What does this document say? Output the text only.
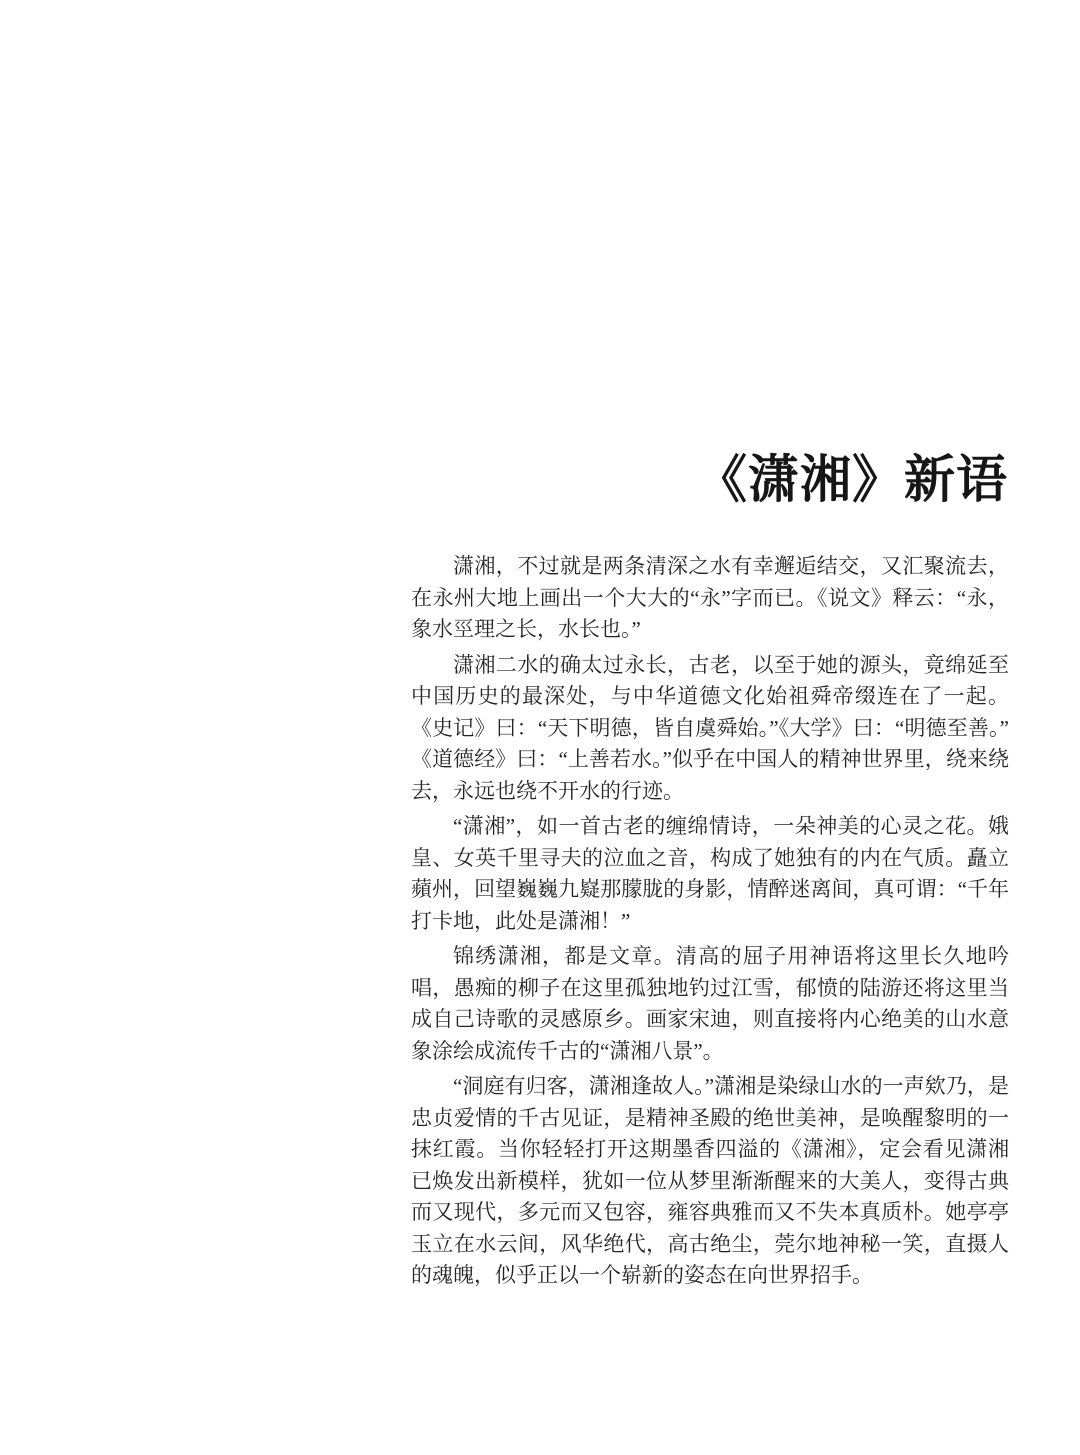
《潇湘》新语

潇湘，不过就是两条清深之水有幸邂逅结交，又汇聚流去，在永州大地上画出一个大大的“永”字而已。《说文》释云：“永，象水巠理之长，水长也。”

潇湘二水的确太过永长，古老，以至于她的源头，竟绵延至中国历史的最深处，与中华道德文化始祖舜帝缀连在了一起。《史记》曰：“天下明德，皆自虞舜始。”《大学》曰：“明德至善。”《道德经》曰：“上善若水。”似乎在中国人的精神世界里，绕来绕去，永远也绕不开水的行迹。

“潇湘”，如一首古老的缠绵情诗，一朵神美的心灵之花。娥皇、女英千里寻夫的泣血之音，构成了她独有的内在气质。矗立蘋州，回望巍巍九嶷那朦胧的身影，情醉迷离间，真可谓：“千年打卡地，此处是潇湘！”

锦绣潇湘，都是文章。清高的屈子用神语将这里长久地吟唱，愚痴的柳子在这里孤独地钓过江雪，郁愤的陆游还将这里当成自己诗歌的灵感原乡。画家宋迪，则直接将内心绝美的山水意象涂绘成流传千古的“潇湘八景”。

“洞庭有归客，潇湘逢故人。”潇湘是染绿山水的一声欸乃，是忠贞爱情的千古见证，是精神圣殿的绝世美神，是唤醒黎明的一抹红霞。当你轻轻打开这期墨香四溢的《潇湘》，定会看见潇湘已焕发出新模样，犹如一位从梦里渐渐醒来的大美人，变得古典而又现代，多元而又包容，雍容典雅而又不失本真质朴。她亭亭玉立在水云间，风华绝代，高古绝尘，莞尔地神秘一笑，直摄人的魂魄，似乎正以一个崭新的姿态在向世界招手。
